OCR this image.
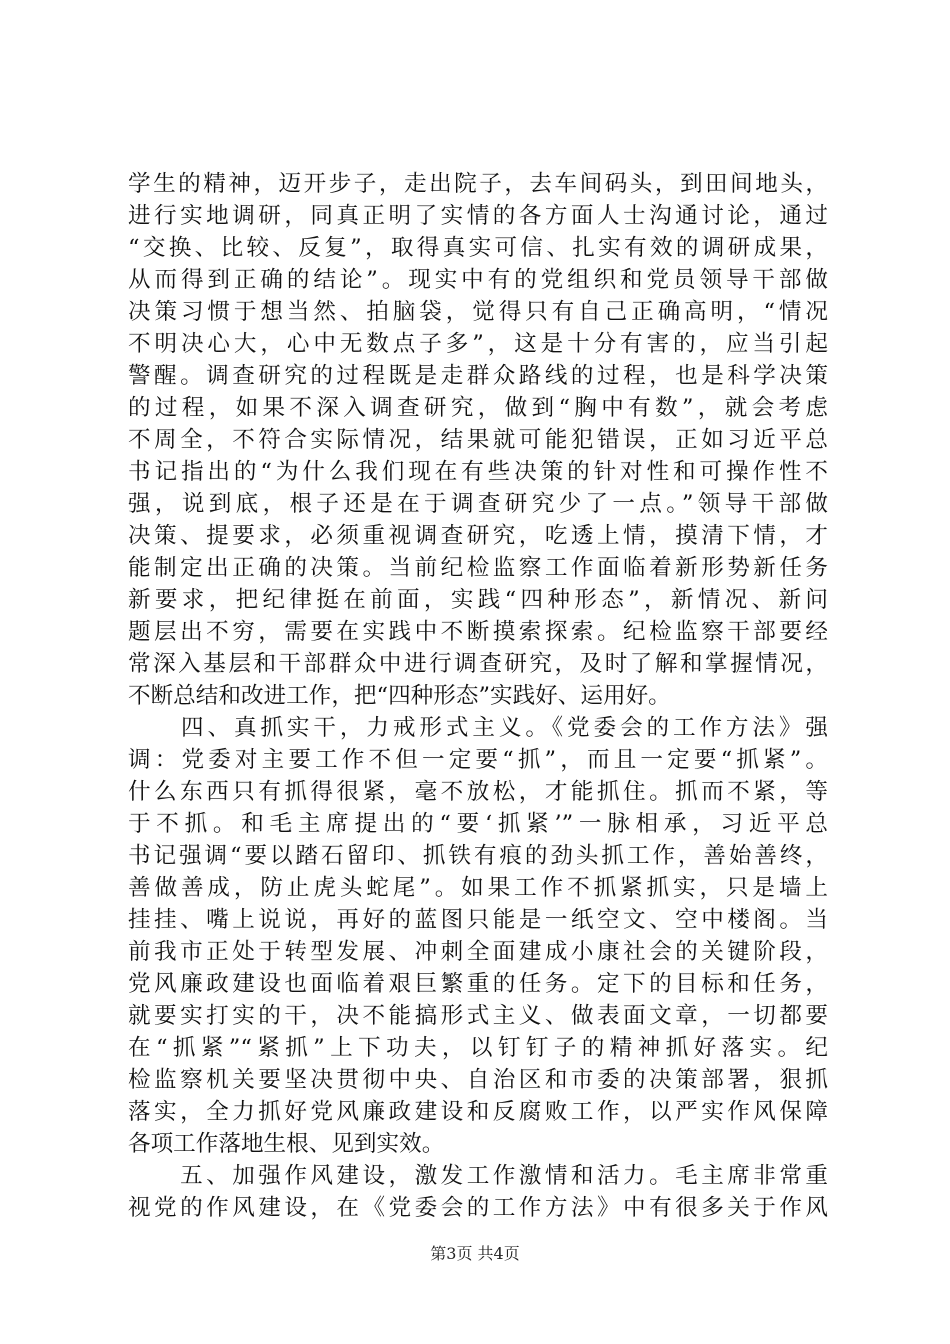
学生的精神，迈开步子，走出院子，去车间码头，到田间地头，
进行实地调研，同真正明了实情的各方面人士沟通讨论，通过
“交换、比较、反复”，取得真实可信、扎实有效的调研成果，
从而得到正确的结论”。现实中有的党组织和党员领导干部做
决策习惯于想当然、拍脑袋，觉得只有自己正确高明，“情况
不明决心大，心中无数点子多”，这是十分有害的，应当引起
警醒。调查研究的过程既是走群众路线的过程，也是科学决策
的过程，如果不深入调查研究，做到“胸中有数”，就会考虑
不周全，不符合实际情况，结果就可能犯错误，正如习近平总
书记指出的“为什么我们现在有些决策的针对性和可操作性不
强，说到底，根子还是在于调查研究少了一点。”领导干部做
决策、提要求，必须重视调查研究，吃透上情，摸清下情，才
能制定出正确的决策。当前纪检监察工作面临着新形势新任务
新要求，把纪律挺在前面，实践“四种形态”，新情况、新问
题层出不穷，需要在实践中不断摸索探索。纪检监察干部要经
常深入基层和干部群众中进行调查研究，及时了解和掌握情况，
不断总结和改进工作，把“四种形态”实践好、运用好。
　　四、真抓实干，力戒形式主义。《党委会的工作方法》强
调：党委对主要工作不但一定要“抓”，而且一定要“抓紧”。
什么东西只有抓得很紧，毫不放松，才能抓住。抓而不紧，等
于不抓。和毛主席提出的“要‘抓紧’”一脉相承，习近平总
书记强调“要以踏石留印、抓铁有痕的劲头抓工作，善始善终，
善做善成，防止虎头蛇尾”。如果工作不抓紧抓实，只是墙上
挂挂、嘴上说说，再好的蓝图只能是一纸空文、空中楼阁。当
前我市正处于转型发展、冲刺全面建成小康社会的关键阶段，
党风廉政建设也面临着艰巨繁重的任务。定下的目标和任务，
就要实打实的干，决不能搞形式主义、做表面文章，一切都要
在“抓紧”“紧抓”上下功夫，以钉钉子的精神抓好落实。纪
检监察机关要坚决贯彻中央、自治区和市委的决策部署，狠抓
落实，全力抓好党风廉政建设和反腐败工作，以严实作风保障
各项工作落地生根、见到实效。
　　五、加强作风建设，激发工作激情和活力。毛主席非常重
视党的作风建设，在《党委会的工作方法》中有很多关于作风
第3页 共4页
